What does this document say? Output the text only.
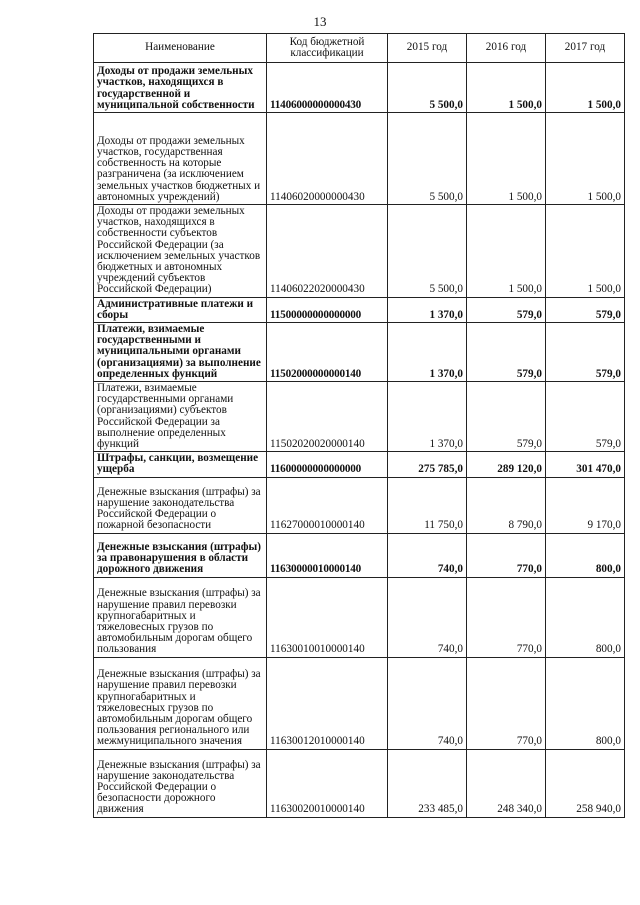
13
Наименование	Код бюджетной классификации	2015 год	2016 год	2017 год
Доходы от продажи земельных участков, находящихся в государственной и муниципальной собственности	11406000000000430	5 500,0	1 500,0	1 500,0
Доходы от продажи земельных участков, государственная собственность на которые разграничена (за исключением земельных участков бюджетных и автономных учреждений)	11406020000000430	5 500,0	1 500,0	1 500,0
Доходы от продажи земельных участков, находящихся в собственности субъектов Российской Федерации (за исключением земельных участков бюджетных и автономных учреждений субъектов Российской Федерации)	11406022020000430	5 500,0	1 500,0	1 500,0
Административные платежи и сборы	11500000000000000	1 370,0	579,0	579,0
Платежи, взимаемые государственными и муниципальными органами (организациями) за выполнение определенных функций	11502000000000140	1 370,0	579,0	579,0
Платежи, взимаемые государственными органами (организациями) субъектов Российской Федерации за выполнение определенных функций	11502020020000140	1 370,0	579,0	579,0
Штрафы, санкции, возмещение ущерба	11600000000000000	275 785,0	289 120,0	301 470,0
Денежные взыскания (штрафы) за нарушение законодательства Российской Федерации о пожарной безопасности	11627000010000140	11 750,0	8 790,0	9 170,0
Денежные взыскания (штрафы) за правонарушения в области дорожного движения	11630000010000140	740,0	770,0	800,0
Денежные взыскания (штрафы) за нарушение правил перевозки крупногабаритных и тяжеловесных грузов по автомобильным дорогам общего пользования	11630010010000140	740,0	770,0	800,0
Денежные взыскания (штрафы) за нарушение правил перевозки крупногабаритных и тяжеловесных грузов по автомобильным дорогам общего пользования регионального или межмуниципального значения	11630012010000140	740,0	770,0	800,0
Денежные взыскания (штрафы) за нарушение законодательства Российской Федерации о безопасности дорожного движения	11630020010000140	233 485,0	248 340,0	258 940,0
